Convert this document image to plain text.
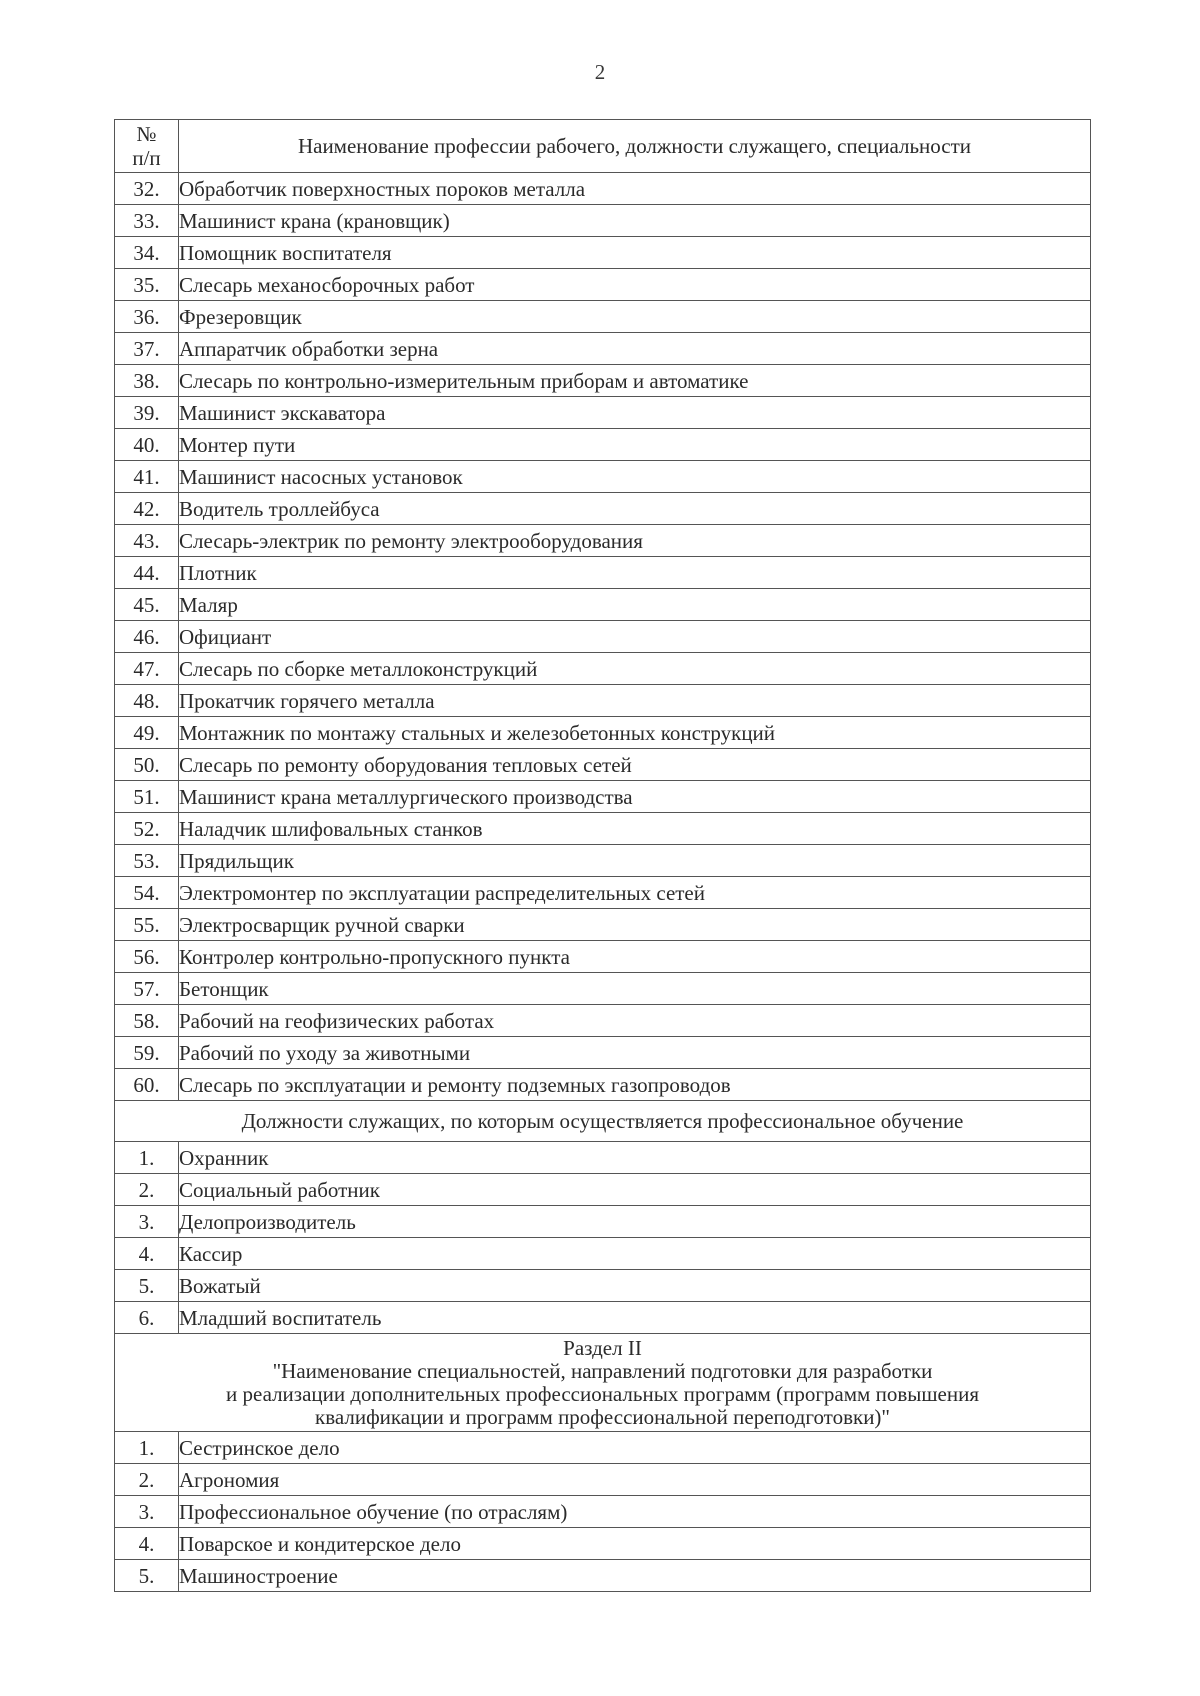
2
№
п/п	Наименование профессии рабочего, должности служащего, специальности
32.	Обработчик поверхностных пороков металла
33.	Машинист крана (крановщик)
34.	Помощник воспитателя
35.	Слесарь механосборочных работ
36.	Фрезеровщик
37.	Аппаратчик обработки зерна
38.	Слесарь по контрольно-измерительным приборам и автоматике
39.	Машинист экскаватора
40.	Монтер пути
41.	Машинист насосных установок
42.	Водитель троллейбуса
43.	Слесарь-электрик по ремонту электрооборудования
44.	Плотник
45.	Маляр
46.	Официант
47.	Слесарь по сборке металлоконструкций
48.	Прокатчик горячего металла
49.	Монтажник по монтажу стальных и железобетонных конструкций
50.	Слесарь по ремонту оборудования тепловых сетей
51.	Машинист крана металлургического производства
52.	Наладчик шлифовальных станков
53.	Прядильщик
54.	Электромонтер по эксплуатации распределительных сетей
55.	Электросварщик ручной сварки
56.	Контролер контрольно-пропускного пункта
57.	Бетонщик
58.	Рабочий на геофизических работах
59.	Рабочий по уходу за животными
60.	Слесарь по эксплуатации и ремонту подземных газопроводов
Должности служащих, по которым осуществляется профессиональное обучение	
1.	Охранник
2.	Социальный работник
3.	Делопроизводитель
4.	Кассир
5.	Вожатый
6.	Младший воспитатель

Раздел II
"Наименование специальностей, направлений подготовки для разработки
и реализации дополнительных профессиональных программ (программ повышения
квалификации и программ профессиональной переподготовки)"	

1.	Сестринское дело
2.	Агрономия
3.	Профессиональное обучение (по отраслям)
4.	Поварское и кондитерское дело
5.	Машиностроение
